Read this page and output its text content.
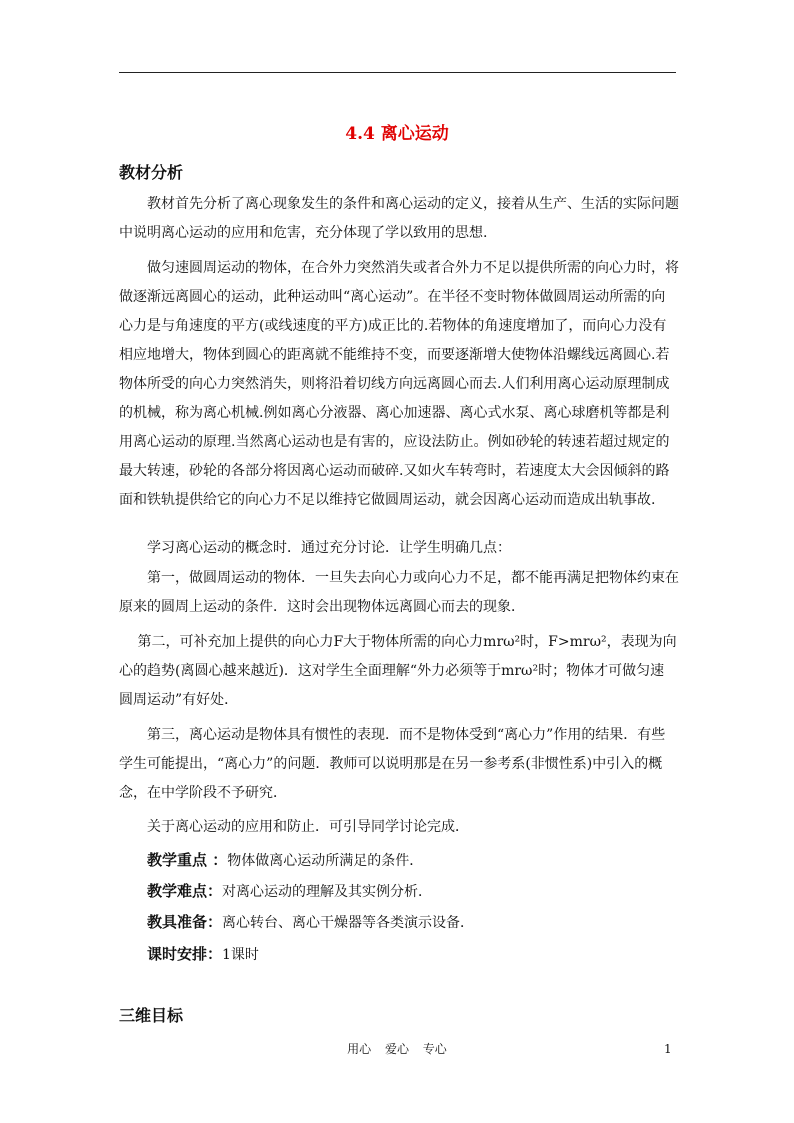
4.4 离心运动
教材分析
　　教材首先分析了离心现象发生的条件和离心运动的定义，接着从生产、生活的实际问题
中说明离心运动的应用和危害，充分体现了学以致用的思想.
　　做匀速圆周运动的物体，在合外力突然消失或者合外力不足以提供所需的向心力时，将
做逐渐远离圆心的运动，此种运动叫“离心运动”。在半径不变时物体做圆周运动所需的向
心力是与角速度的平方(或线速度的平方)成正比的.若物体的角速度增加了，而向心力没有
相应地增大，物体到圆心的距离就不能维持不变，而要逐渐增大使物体沿螺线远离圆心.若
物体所受的向心力突然消失，则将沿着切线方向远离圆心而去.人们利用离心运动原理制成
的机械，称为离心机械.例如离心分液器、离心加速器、离心式水泵、离心球磨机等都是利
用离心运动的原理.当然离心运动也是有害的，应设法防止。例如砂轮的转速若超过规定的
最大转速，砂轮的各部分将因离心运动而破碎.又如火车转弯时，若速度太大会因倾斜的路
面和铁轨提供给它的向心力不足以维持它做圆周运动，就会因离心运动而造成出轨事故.
　　学习离心运动的概念时．通过充分讨论．让学生明确几点：
　　第一，做圆周运动的物体．一旦失去向心力或向心力不足，都不能再满足把物体约束在
原来的圆周上运动的条件．这时会出现物体远离圆心而去的现象．
　 第二，可补充加上提供的向心力F大于物体所需的向心力mrω²时，F>mrω²，表现为向
心的趋势(离圆心越来越近)．这对学生全面理解“外力必须等于mrω²时；物体才可做匀速
圆周运动”有好处．
　　第三，离心运动是物体具有惯性的表现．而不是物体受到“离心力”作用的结果．有些
学生可能提出，“离心力”的问题．教师可以说明那是在另一参考系(非惯性系)中引入的概
念，在中学阶段不予研究．
　　关于离心运动的应用和防止．可引导同学讨论完成．
教学重点 ：物体做离心运动所满足的条件．
教学难点：对离心运动的理解及其实例分析．
教具准备：离心转台、离心干燥器等各类演示设备．
课时安排：1课时
三维目标
用心 爱心 专心	1
